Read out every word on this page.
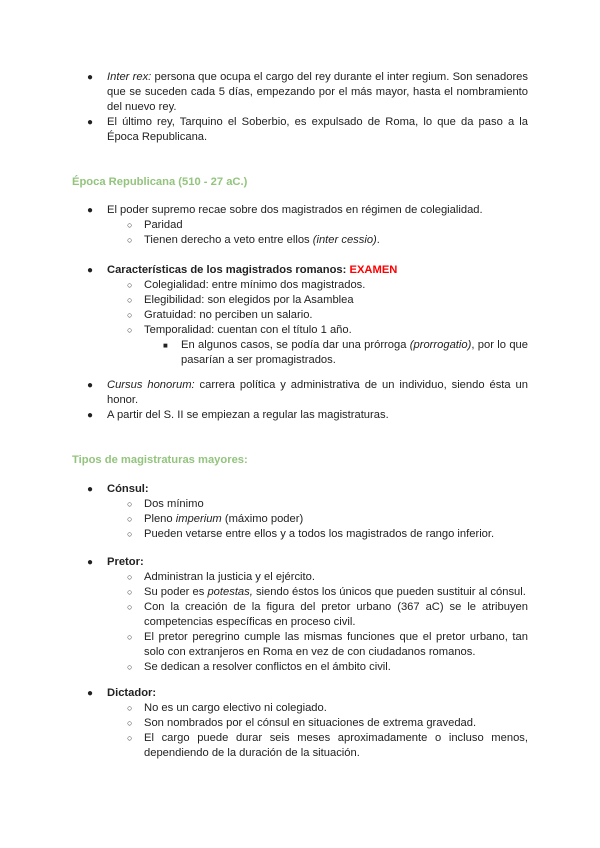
● Inter rex: persona que ocupa el cargo del rey durante el inter regium. Son senadores que se suceden cada 5 días, empezando por el más mayor, hasta el nombramiento del nuevo rey.
● El último rey, Tarquino el Soberbio, es expulsado de Roma, lo que da paso a la Época Republicana.
Época Republicana (510 - 27 aC.)
● El poder supremo recae sobre dos magistrados en régimen de colegialidad.
○ Paridad
○ Tienen derecho a veto entre ellos (inter cessio).
● Características de los magistrados romanos: EXAMEN
○ Colegialidad: entre mínimo dos magistrados.
○ Elegibilidad: son elegidos por la Asamblea
○ Gratuidad: no perciben un salario.
○ Temporalidad: cuentan con el título 1 año.
■ En algunos casos, se podía dar una prórroga (prorrogatio), por lo que pasarían a ser promagistrados.
● Cursus honorum: carrera política y administrativa de un individuo, siendo ésta un honor.
● A partir del S. II se empiezan a regular las magistraturas.
Tipos de magistraturas mayores:
● Cónsul:
○ Dos mínimo
○ Pleno imperium (máximo poder)
○ Pueden vetarse entre ellos y a todos los magistrados de rango inferior.
● Pretor:
○ Administran la justicia y el ejército.
○ Su poder es potestas, siendo éstos los únicos que pueden sustituir al cónsul.
○ Con la creación de la figura del pretor urbano (367 aC) se le atribuyen competencias específicas en proceso civil.
○ El pretor peregrino cumple las mismas funciones que el pretor urbano, tan solo con extranjeros en Roma en vez de con ciudadanos romanos.
○ Se dedican a resolver conflictos en el ámbito civil.
● Dictador:
○ No es un cargo electivo ni colegiado.
○ Son nombrados por el cónsul en situaciones de extrema gravedad.
○ El cargo puede durar seis meses aproximadamente o incluso menos, dependiendo de la duración de la situación.
